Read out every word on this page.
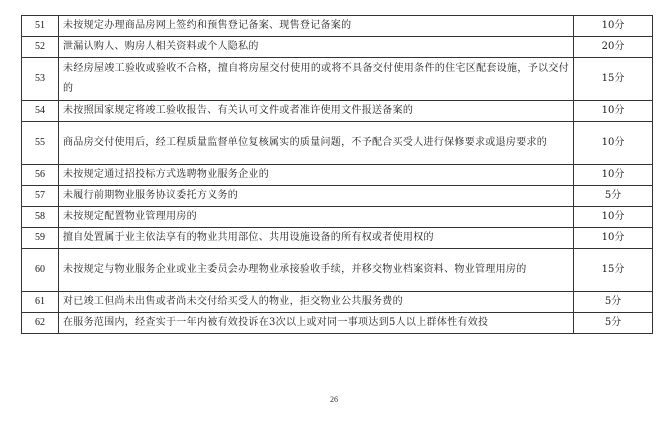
51	未按规定办理商品房网上签约和预售登记备案、现售登记备案的	10分
52	泄漏认购人、购房人相关资料或个人隐私的	20分
53	未经房屋竣工验收或验收不合格，擅自将房屋交付使用的或将不具备交付使用条件的住宅区配套设施，予以交付的	15分
54	未按照国家规定将竣工验收报告、有关认可文件或者准许使用文件报送备案的	10分
55	商品房交付使用后，经工程质量监督单位复核属实的质量问题，不予配合买受人进行保修要求或退房要求的	10分
56	未按规定通过招投标方式选聘物业服务企业的	10分
57	未履行前期物业服务协议委托方义务的	5分
58	未按规定配置物业管理用房的	10分
59	擅自处置属于业主依法享有的物业共用部位、共用设施设备的所有权或者使用权的	10分
60	未按规定与物业服务企业或业主委员会办理物业承接验收手续，并移交物业档案资料、物业管理用房的	15分
61	对已竣工但尚未出售或者尚未交付给买受人的物业，拒交物业公共服务费的	5分
62	在服务范围内，经查实于一年内被有效投诉在3次以上或对同一事项达到5人以上群体性有效投	5分
26
